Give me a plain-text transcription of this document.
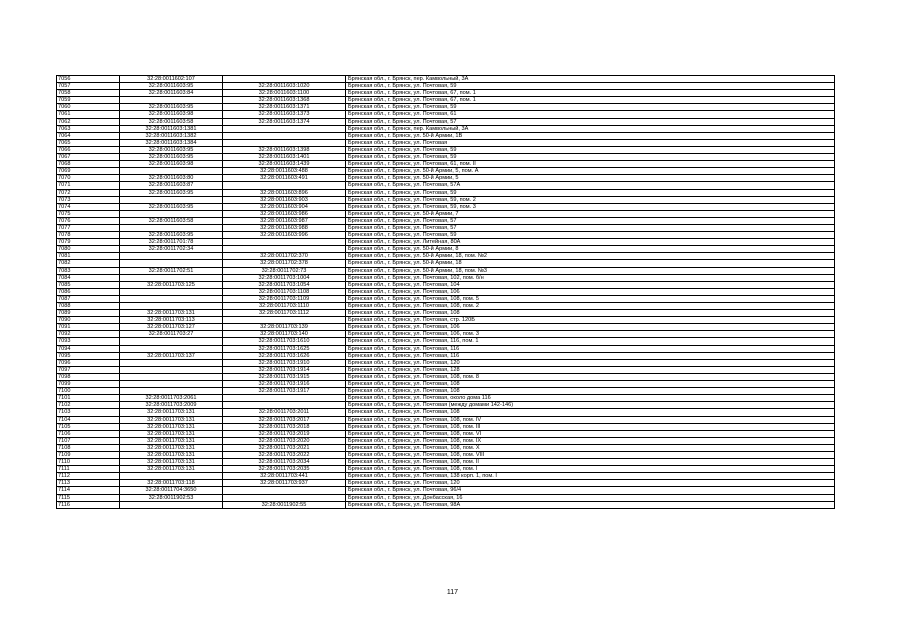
7056	32:28:0011602:107		Брянская обл., г. Брянск, пер. Камвольный, 3А
7057	32:28:0011603:95	32:28:0011603:1020	Брянская обл., г. Брянск, ул. Почтовая, 59
7058	32:28:0011603:84	32:28:0011603:1100	Брянская обл., г. Брянск, ул. Почтовая, 67, пом. 1
7059		32:28:0011603:1368	Брянская обл., г. Брянск, ул. Почтовая, 67, пом. 1
7060	32:28:0011603:95	32:28:0011603:1371	Брянская обл., г. Брянск, ул. Почтовая, 59
7061	32:28:0011603:98	32:28:0011603:1373	Брянская обл., г. Брянск, ул. Почтовая, 61
7062	32:28:0011603:58	32:28:0011603:1374	Брянская обл., г. Брянск, ул. Почтовая, 57
7063	32:28:0011603:1381		Брянская обл., г. Брянск, пер. Камвольный, 3А
7064	32:28:0011603:1382		Брянская обл., г. Брянск, ул. 50-й Армии, 1В
7065	32:28:0011603:1384		Брянская обл., г. Брянск, ул. Почтовая
7066	32:28:0011603:95	32:28:0011603:1398	Брянская обл., г. Брянск, ул. Почтовая, 59
7067	32:28:0011603:95	32:28:0011603:1401	Брянская обл., г. Брянск, ул. Почтовая, 59
7068	32:28:0011603:98	32:28:0011603:1439	Брянская обл., г. Брянск, ул. Почтовая, 61, пом. II
7069		32:28:0011603:488	Брянская обл., г. Брянск, ул. 50-й Армии, 5, пом. А
7070	32:28:0011603:80	32:28:0011603:491	Брянская обл., г. Брянск, ул. 50-й Армии, 5
7071	32:28:0011603:87		Брянская обл., г. Брянск, ул. Почтовая, 57А
7072	32:28:0011603:95	32:28:0011603:896	Брянская обл., г. Брянск, ул. Почтовая, 59
7073		32:28:0011603:903	Брянская обл., г. Брянск, ул. Почтовая, 59, пом. 2
7074	32:28:0011603:95	32:28:0011603:904	Брянская обл., г. Брянск, ул. Почтовая, 59, пом. 3
7075		32:28:0011603:986	Брянская обл., г. Брянск, ул. 50-й Армии, 7
7076	32:28:0011603:58	32:28:0011603:987	Брянская обл., г. Брянск, ул. Почтовая, 57
7077		32:28:0011603:988	Брянская обл., г. Брянск, ул. Почтовая, 57
7078	32:28:0011603:95	32:28:0011603:996	Брянская обл., г. Брянск, ул. Почтовая, 59
7079	32:28:0011701:78		Брянская обл., г. Брянск, ул. Литейная, 80А
7080	32:28:0011702:34		Брянская обл., г. Брянск, ул. 50-й Армии, 8
7081		32:28:0011702:370	Брянская обл., г. Брянск, ул. 50-й Армии, 18, пом. №2
7082		32:28:0011702:378	Брянская обл., г. Брянск, ул. 50-й Армии, 18
7083	32:28:0011702:51	32:28:0011702:73	Брянская обл., г. Брянск, ул. 50-й Армии, 18, пом. №3
7084		32:28:0011703:1004	Брянская обл., г. Брянск, ул. Почтовая, 102, пом. б/н
7085	32:28:0011703:125	32:28:0011703:1054	Брянская обл., г. Брянск, ул. Почтовая, 104
7086		32:28:0011703:1108	Брянская обл., г. Брянск, ул. Почтовая, 106
7087		32:28:0011703:1109	Брянская обл., г. Брянск, ул. Почтовая, 108, пом. 5
7088		32:28:0011703:1110	Брянская обл., г. Брянск, ул. Почтовая, 108, пом. 2
7089	32:28:0011703:131	32:28:0011703:1112	Брянская обл., г. Брянск, ул. Почтовая, 108
7090	32:28:0011703:113		Брянская обл., г. Брянск, ул. Почтовая, стр. 120Б
7091	32:28:0011703:127	32:28:0011703:139	Брянская обл., г. Брянск, ул. Почтовая, 106
7092	32:28:0011703:27	32:28:0011703:140	Брянская обл., г. Брянск, ул. Почтовая, 106, пом. 3
7093		32:28:0011703:1610	Брянская обл., г. Брянск, ул. Почтовая, 116, пом. 1
7094		32:28:0011703:1625	Брянская обл., г. Брянск, ул. Почтовая, 116
7095	32:28:0011703:137	32:28:0011703:1626	Брянская обл., г. Брянск, ул. Почтовая, 116
7096		32:28:0011703:1910	Брянская обл., г. Брянск, ул. Почтовая, 120
7097		32:28:0011703:1914	Брянская обл., г. Брянск, ул. Почтовая, 128
7098		32:28:0011703:1915	Брянская обл., г. Брянск, ул. Почтовая, 108, пом. 8
7099		32:28:0011703:1916	Брянская обл., г. Брянск, ул. Почтовая, 108
7100		32:28:0011703:1917	Брянская обл., г. Брянск, ул. Почтовая, 108
7101	32:28:0011703:2061		Брянская обл., г. Брянск, ул. Почтовая, около дома 116
7102	32:28:0011703:2009		Брянская обл., г. Брянск, ул. Почтовая (между домами 142-146)
7103	32:28:0011703:131	32:28:0011703:2011	Брянская обл., г. Брянск, ул. Почтовая, 108
7104	32:28:0011703:131	32:28:0011703:2017	Брянская обл., г. Брянск, ул. Почтовая, 108, пом. IV
7105	32:28:0011703:131	32:28:0011703:2018	Брянская обл., г. Брянск, ул. Почтовая, 108, пом. III
7106	32:28:0011703:131	32:28:0011703:2019	Брянская обл., г. Брянск, ул. Почтовая, 108, пом. VI
7107	32:28:0011703:131	32:28:0011703:2020	Брянская обл., г. Брянск, ул. Почтовая, 108, пом. IX
7108	32:28:0011703:131	32:28:0011703:2021	Брянская обл., г. Брянск, ул. Почтовая, 108, пом. X
7109	32:28:0011703:131	32:28:0011703:2022	Брянская обл., г. Брянск, ул. Почтовая, 108, пом. VIII
7110	32:28:0011703:131	32:28:0011703:2034	Брянская обл., г. Брянск, ул. Почтовая, 108, пом. II
7111	32:28:0011703:131	32:28:0011703:2035	Брянская обл., г. Брянск, ул. Почтовая, 108, пом. I
7112		32:28:0011703:441	Брянская обл., г. Брянск, ул. Почтовая, 138 корп. 1, пом. I
7113	32:28:0011703:118	32:28:0011703:937	Брянская обл., г. Брянск, ул. Почтовая, 120
7114	32:28:0011704:3650		Брянская обл., г. Брянск, ул. Почтовая, 96/4
7115	32:28:0011902:53		Брянская обл., г. Брянск, ул. Донбасская, 16
7116		32:28:0011902:55	Брянская обл., г. Брянск, ул. Почтовая, 98А
117
